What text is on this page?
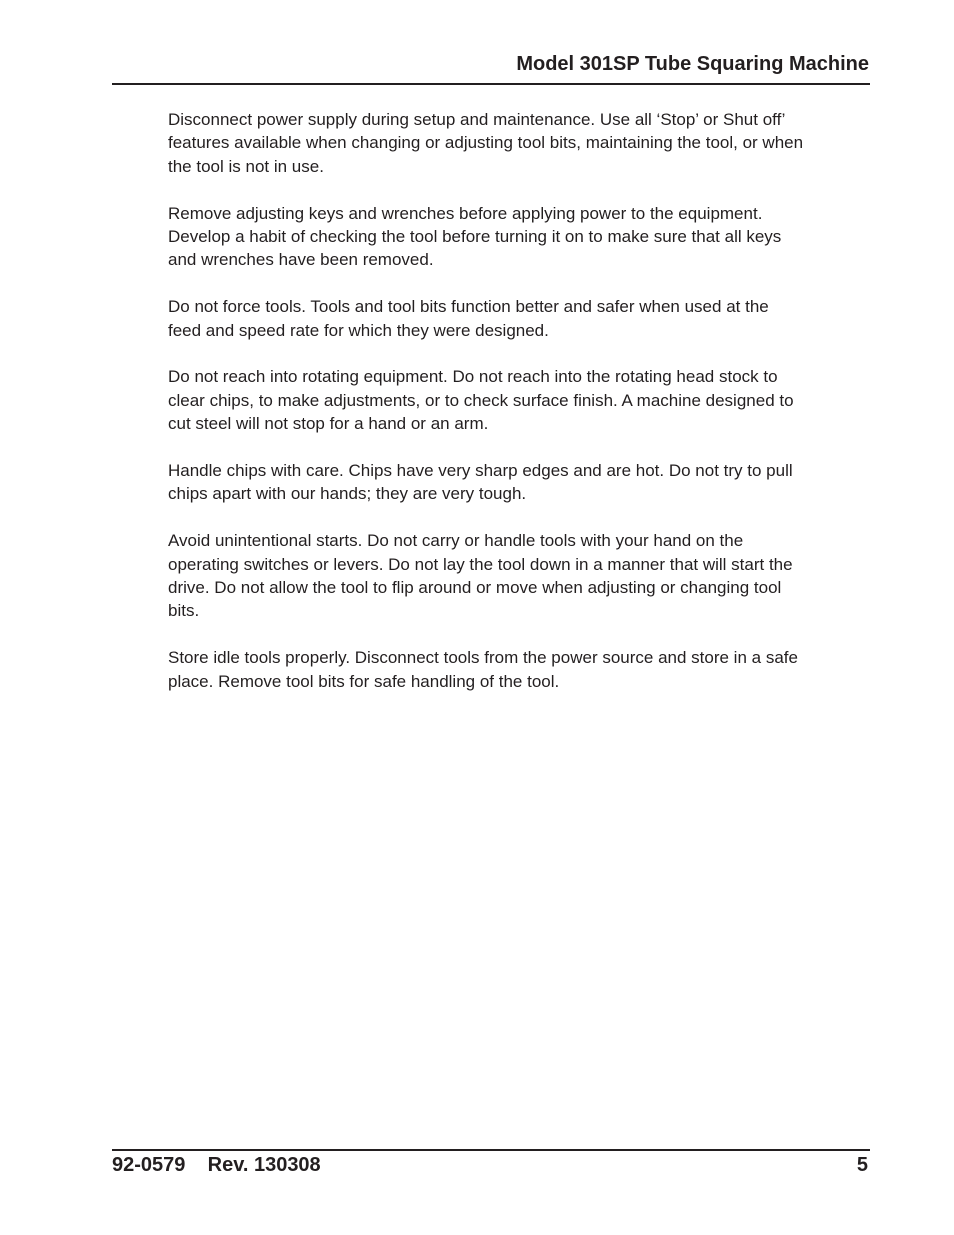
Model 301SP Tube Squaring Machine

Disconnect power supply during setup and maintenance. Use all ‘Stop’ or Shut off’
features available when changing or adjusting tool bits, maintaining the tool, or when
the tool is not in use.

Remove adjusting keys and wrenches before applying power to the equipment.
Develop a habit of checking the tool before turning it on to make sure that all keys
and wrenches have been removed.

Do not force tools. Tools and tool bits function better and safer when used at the
feed and speed rate for which they were designed.

Do not reach into rotating equipment. Do not reach into the rotating head stock to
clear chips, to make adjustments, or to check surface finish. A machine designed to
cut steel will not stop for a hand or an arm.

Handle chips with care. Chips have very sharp edges and are hot. Do not try to pull
chips apart with our hands; they are very tough.

Avoid unintentional starts. Do not carry or handle tools with your hand on the
operating switches or levers. Do not lay the tool down in a manner that will start the
drive. Do not allow the tool to flip around or move when adjusting or changing tool
bits.

Store idle tools properly. Disconnect tools from the power source and store in a safe
place. Remove tool bits for safe handling of the tool.

92-0579    Rev. 130308	5
